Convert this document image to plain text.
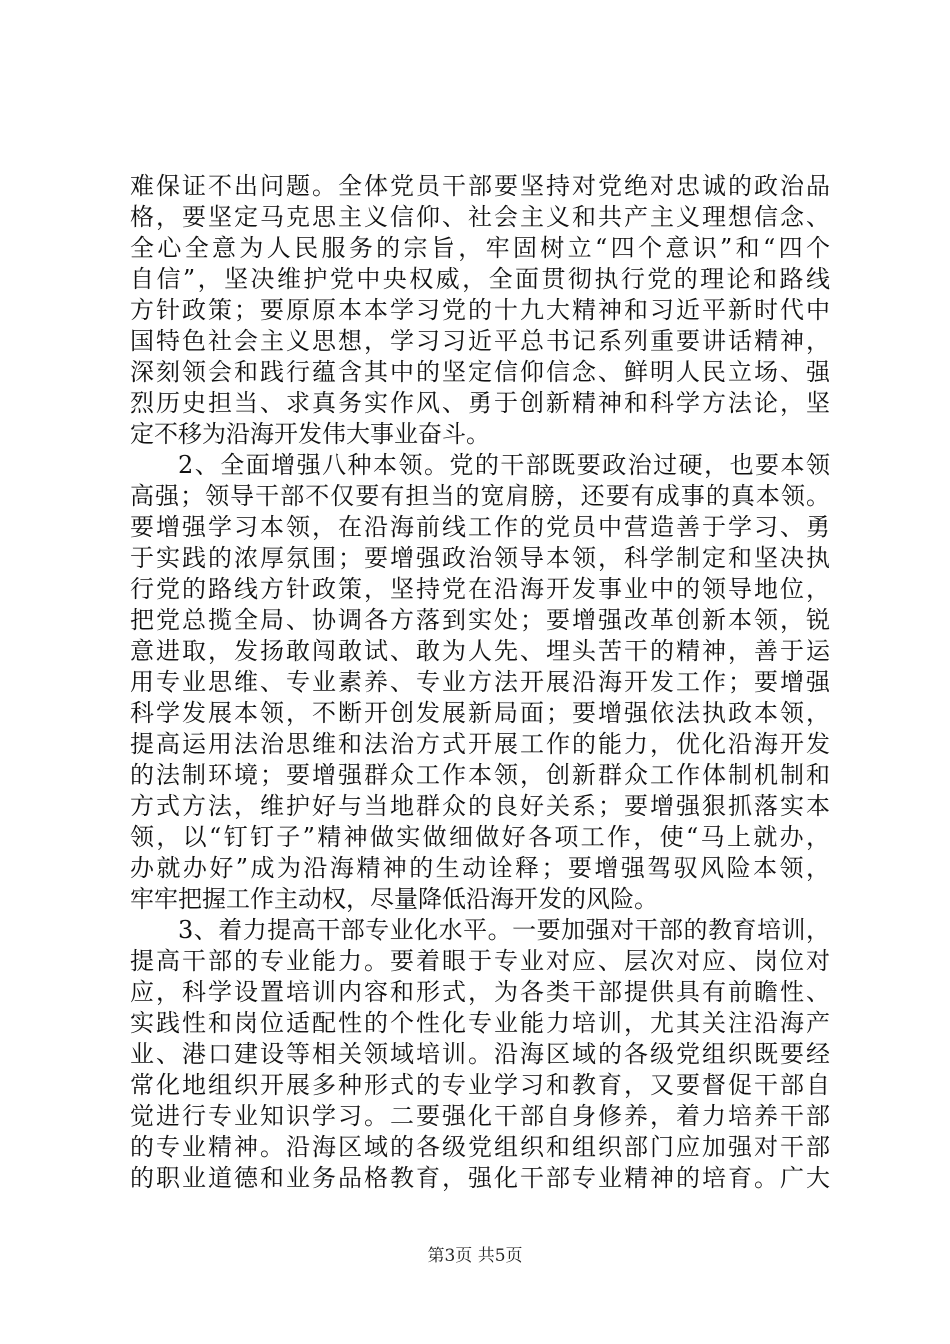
难保证不出问题。全体党员干部要坚持对党绝对忠诚的政治品
格，要坚定马克思主义信仰、社会主义和共产主义理想信念、
全心全意为人民服务的宗旨，牢固树立“四个意识”和“四个
自信”，坚决维护党中央权威，全面贯彻执行党的理论和路线
方针政策；要原原本本学习党的十九大精神和习近平新时代中
国特色社会主义思想，学习习近平总书记系列重要讲话精神，
深刻领会和践行蕴含其中的坚定信仰信念、鲜明人民立场、强
烈历史担当、求真务实作风、勇于创新精神和科学方法论，坚
定不移为沿海开发伟大事业奋斗。
2、全面增强八种本领。党的干部既要政治过硬，也要本领
高强；领导干部不仅要有担当的宽肩膀，还要有成事的真本领。
要增强学习本领，在沿海前线工作的党员中营造善于学习、勇
于实践的浓厚氛围；要增强政治领导本领，科学制定和坚决执
行党的路线方针政策，坚持党在沿海开发事业中的领导地位，
把党总揽全局、协调各方落到实处；要增强改革创新本领，锐
意进取，发扬敢闯敢试、敢为人先、埋头苦干的精神，善于运
用专业思维、专业素养、专业方法开展沿海开发工作；要增强
科学发展本领，不断开创发展新局面；要增强依法执政本领，
提高运用法治思维和法治方式开展工作的能力，优化沿海开发
的法制环境；要增强群众工作本领，创新群众工作体制机制和
方式方法，维护好与当地群众的良好关系；要增强狠抓落实本
领，以“钉钉子”精神做实做细做好各项工作，使“马上就办，
办就办好”成为沿海精神的生动诠释；要增强驾驭风险本领，
牢牢把握工作主动权，尽量降低沿海开发的风险。
3、着力提高干部专业化水平。一要加强对干部的教育培训，
提高干部的专业能力。要着眼于专业对应、层次对应、岗位对
应，科学设置培训内容和形式，为各类干部提供具有前瞻性、
实践性和岗位适配性的个性化专业能力培训，尤其关注沿海产
业、港口建设等相关领域培训。沿海区域的各级党组织既要经
常化地组织开展多种形式的专业学习和教育，又要督促干部自
觉进行专业知识学习。二要强化干部自身修养，着力培养干部
的专业精神。沿海区域的各级党组织和组织部门应加强对干部
的职业道德和业务品格教育，强化干部专业精神的培育。广大
第3页 共5页
